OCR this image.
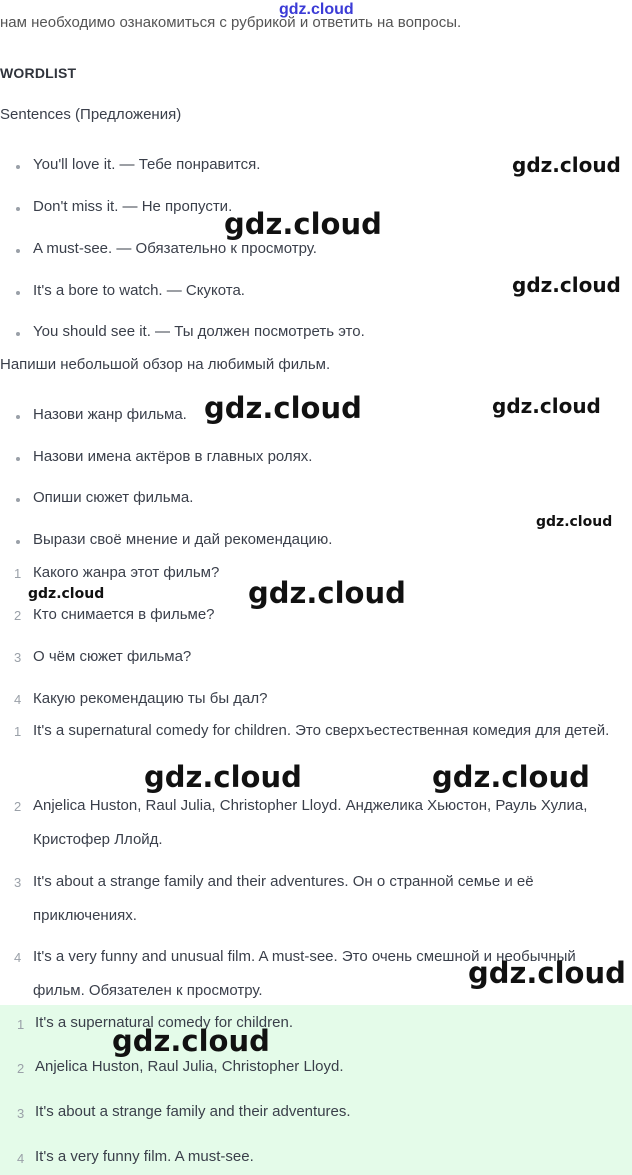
нам необходимо ознакомиться с рубрикой и ответить на вопросы.
gdz.cloud
WORDLIST
Sentences (Предложения)
You'll love it. — Тебе понравится.
Don't miss it. — Не пропусти.
A must-see. — Обязательно к просмотру.
It's a bore to watch. — Скукота.
You should see it. — Ты должен посмотреть это.
Напиши небольшой обзор на любимый фильм.
Назови жанр фильма.
Назови имена актёров в главных ролях.
Опиши сюжет фильма.
Вырази своё мнение и дай рекомендацию.
1 Какого жанра этот фильм?
2 Кто снимается в фильме?
3 О чём сюжет фильма?
4 Какую рекомендацию ты бы дал?
1 It's a supernatural comedy for children. Это сверхъестественная комедия для детей.
2 Anjelica Huston, Raul Julia, Christopher Lloyd. Анджелика Хьюстон, Рауль Хулиа, Кристофер Ллойд.
3 It's about a strange family and their adventures. Он о странной семье и её приключениях.
4 It's a very funny and unusual film. A must-see. Это очень смешной и необычный фильм. Обязателен к просмотру.
1 It's a supernatural comedy for children.
2 Anjelica Huston, Raul Julia, Christopher Lloyd.
3 It's about a strange family and their adventures.
4 It's a very funny film. A must-see.
gdz.cloud
gdz.cloud
gdz.cloud
gdz.cloud	gdz.cloud
gdz.cloud
gdz.cloud	gdz.cloud
gdz.cloud	gdz.cloud
gdz.cloud
gdz.cloud
